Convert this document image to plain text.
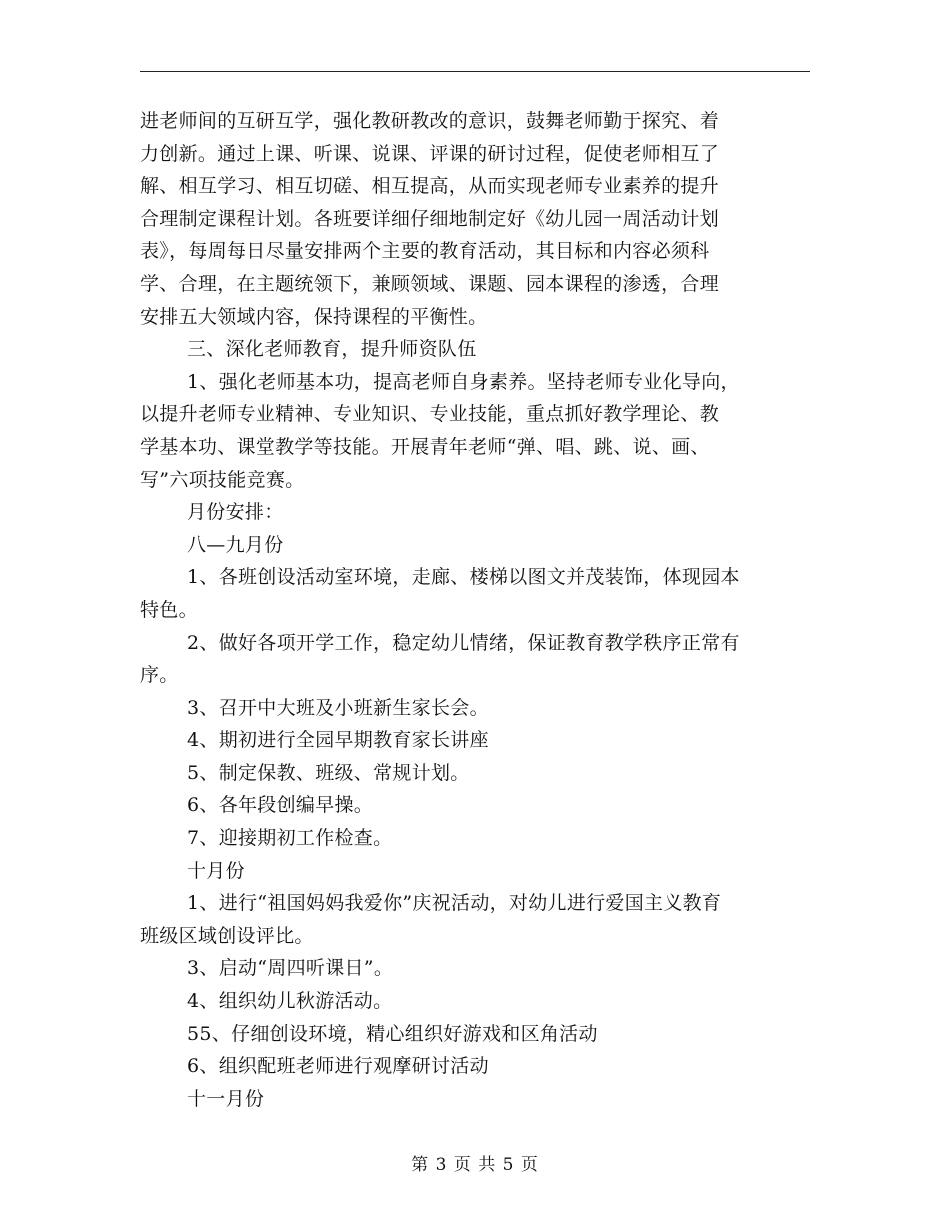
进老师间的互研互学，强化教研教改的意识，鼓舞老师勤于探究、着
力创新。通过上课、听课、说课、评课的研讨过程，促使老师相互了
解、相互学习、相互切磋、相互提高，从而实现老师专业素养的提升
合理制定课程计划。各班要详细仔细地制定好《幼儿园一周活动计划
表》，每周每日尽量安排两个主要的教育活动，其目标和内容必须科
学、合理，在主题统领下，兼顾领域、课题、园本课程的渗透，合理
安排五大领域内容，保持课程的平衡性。
三、深化老师教育，提升师资队伍
1、强化老师基本功，提高老师自身素养。坚持老师专业化导向，
以提升老师专业精神、专业知识、专业技能，重点抓好教学理论、教
学基本功、课堂教学等技能。开展青年老师“弹、唱、跳、说、画、
写”六项技能竞赛。
月份安排：
八—九月份
1、各班创设活动室环境，走廊、楼梯以图文并茂装饰，体现园本
特色。
2、做好各项开学工作，稳定幼儿情绪，保证教育教学秩序正常有
序。
3、召开中大班及小班新生家长会。
4、期初进行全园早期教育家长讲座
5、制定保教、班级、常规计划。
6、各年段创编早操。
7、迎接期初工作检查。
十月份
1、进行“祖国妈妈我爱你”庆祝活动，对幼儿进行爱国主义教育
班级区域创设评比。
3、启动“周四听课日”。
4、组织幼儿秋游活动。
55、仔细创设环境，精心组织好游戏和区角活动
6、组织配班老师进行观摩研讨活动
十一月份
第 3 页 共 5 页
